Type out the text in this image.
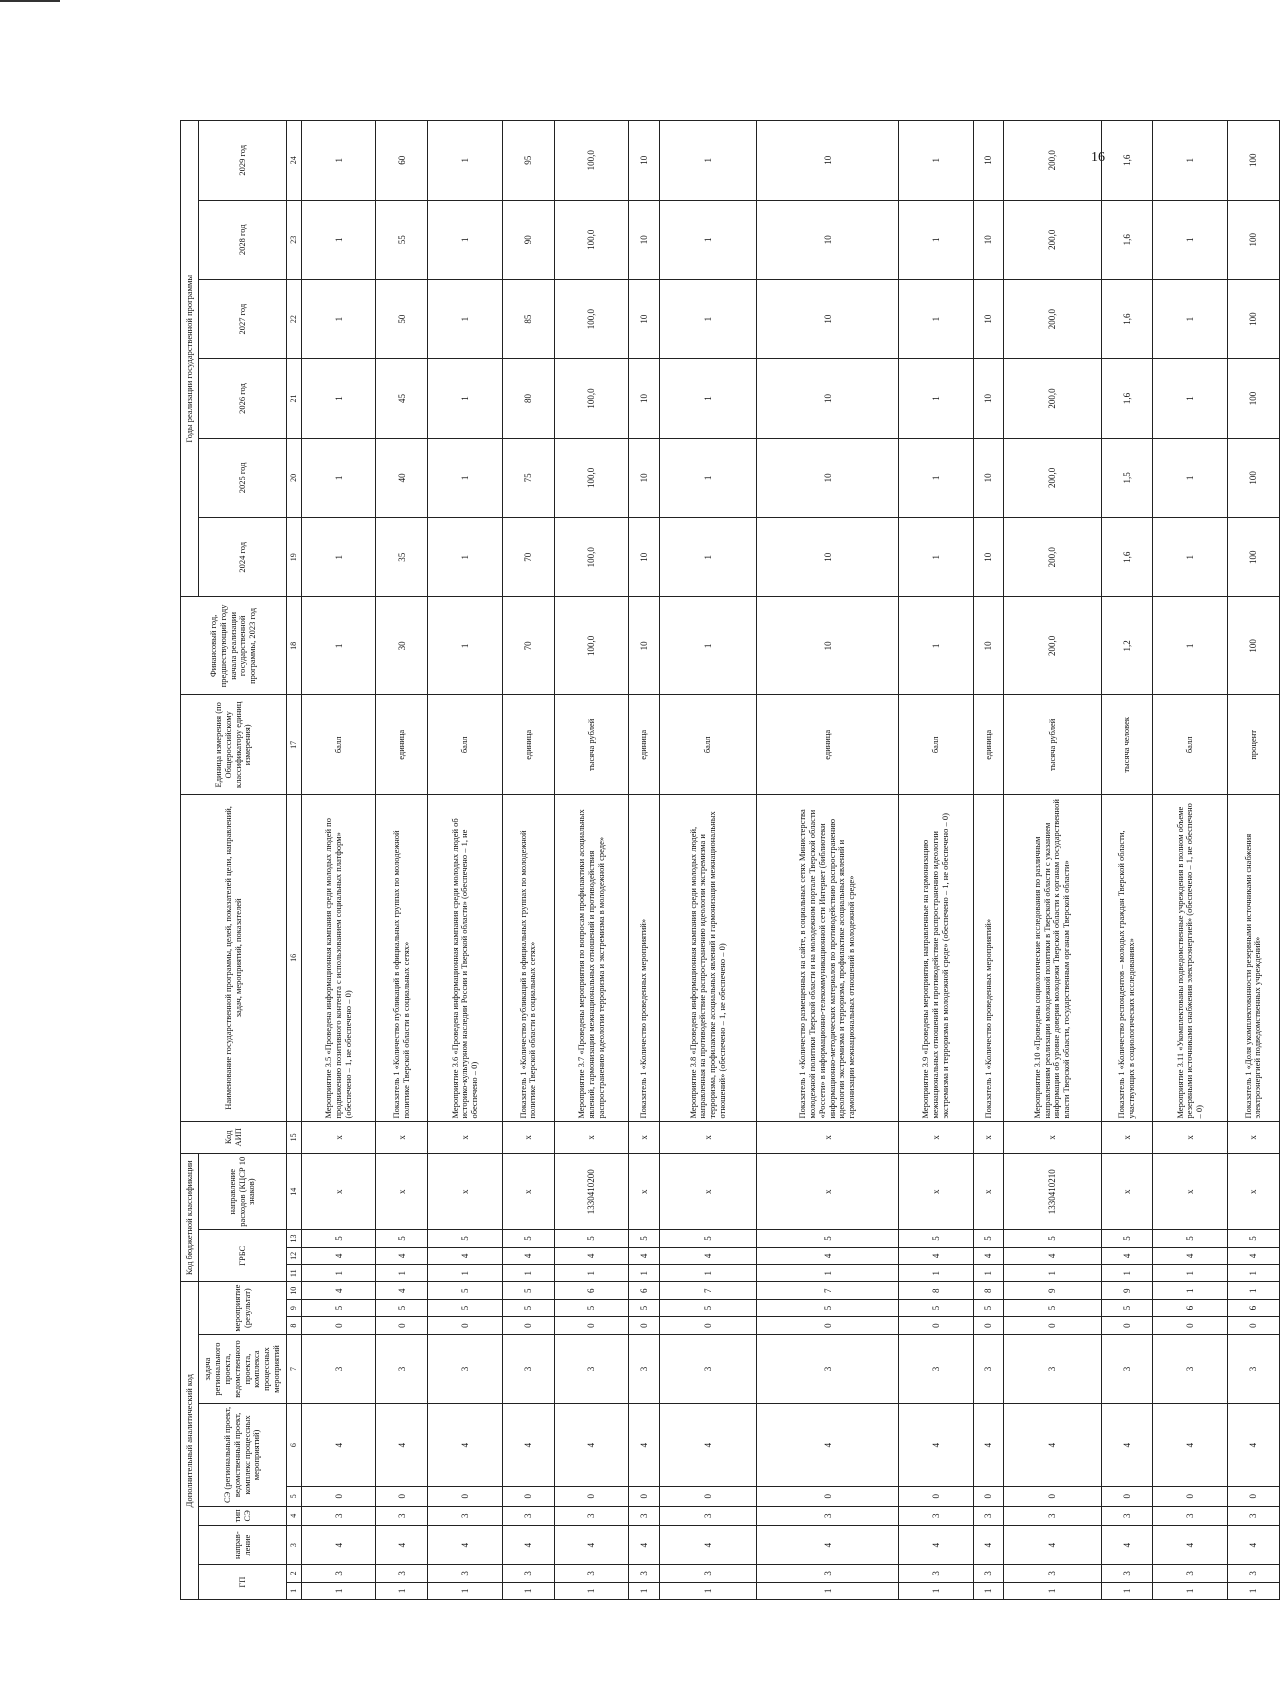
16
Дополнительный аналитический код										Код бюджетной классификации				Код АИП	Наименование государственной программы, целей, показателей цели, направлений, задач, мероприятий, показателей	Единица измерения (по Общероссийскому классификатору единиц измерения)	Финансовый год, предшествующий году начала реализации государственной программы, 2023 год	Годы реализации государственной программы					
ГП		направ-ление	тип СЭ	СЭ (региональный проект, ведомственный проект, комплекс процессных мероприятий)		задача регионального проекта, ведомственного проекта, комплекса процессных мероприятий	мероприятие (результат)			ГРБС			направление расходов (КЦСР 10 знаков)					2024 год	2025 год	2026 год	2027 год	2028 год	2029 год

1	2	3	4	5	6	7	8	9	10	11	12	13	14	15	16	17	18	19	20	21	22	23	24
1	3	4	3	0	4	3	0	5	4	1	4	5	x	x	Мероприятие 3.5 «Проведена информационная кампания среди молодых людей по продвижению позитивного контента с использованием социальных платформ» (обеспечено – 1, не обеспечено – 0)	балл	1	1	1	1	1	1	1
1	3	4	3	0	4	3	0	5	4	1	4	5	x	x	Показатель 1 «Количество публикаций в официальных группах по молодежной политике Тверской области в социальных сетях»	единица	30	35	40	45	50	55	60
1	3	4	3	0	4	3	0	5	5	1	4	5	x	x	Мероприятие 3.6 «Проведена информационная кампания среди молодых людей об историко-культурном наследии России и Тверской области» (обеспечено – 1, не обеспечено – 0)	балл	1	1	1	1	1	1	1
1	3	4	3	0	4	3	0	5	5	1	4	5	x	x	Показатель 1 «Количество публикаций в официальных группах по молодежной политике Тверской области в социальных сетях»	единица	70	70	75	80	85	90	95
1	3	4	3	0	4	3	0	5	6	1	4	5	1330410200	x	Мероприятие 3.7 «Проведены мероприятия по вопросам профилактики асоциальных явлений, гармонизации межнациональных отношений и противодействия распространению идеологии терроризма и экстремизма в молодежной среде»	тысяча рублей	100,0	100,0	100,0	100,0	100,0	100,0	100,0
1	3	4	3	0	4	3	0	5	6	1	4	5	x	x	Показатель 1 «Количество проведенных мероприятий»	единица	10	10	10	10	10	10	10
1	3	4	3	0	4	3	0	5	7	1	4	5	x	x	Мероприятие 3.8 «Проведена информационная кампания среди молодых людей, направленная на противодействие распространению идеологии экстремизма и терроризма, профилактике асоциальных явлений и гармонизации межнациональных отношений» (обеспечено – 1, не обеспечено – 0)	балл	1	1	1	1	1	1	1
1	3	4	3	0	4	3	0	5	7	1	4	5	x	x	Показатель 1 «Количество размещенных на сайте, в социальных сетях Министерства молодежной политики Тверской области и на молодежном портале Тверской области «Россети» в информационно-телекоммуникационной сети Интернет (библиотеки информационно-методических материалов по противодействию распространению идеологии экстремизма и терроризма, профилактике асоциальных явлений и гармонизации межнациональных отношений в молодежной среде»	единица	10	10	10	10	10	10	10
1	3	4	3	0	4	3	0	5	8	1	4	5	x	x	Мероприятие 3.9 «Проведены мероприятия, направленные на гармонизацию межнациональных отношений и противодействие распространению идеологии экстремизма и терроризма в молодежной среде» (обеспечено – 1, не обеспечено – 0)	балл	1	1	1	1	1	1	1
1	3	4	3	0	4	3	0	5	8	1	4	5	x	x	Показатель 1 «Количество проведенных мероприятий»	единица	10	10	10	10	10	10	10
1	3	4	3	0	4	3	0	5	9	1	4	5	1330410210	x	Мероприятие 3.10 «Проведены социологические исследования по различным направлениям реализации молодежной политики в Тверской области с указанием информации об уровне доверия молодежи Тверской области к органам государственной власти Тверской области, государственным органам Тверской области»	тысяча рублей	200,0	200,0	200,0	200,0	200,0	200,0	200,0
1	3	4	3	0	4	3	0	5	9	1	4	5	x	x	Показатель 1 «Количество респондентов – молодых граждан Тверской области, участвующих в социологических исследованиях»	тысяча человек	1,2	1,6	1,5	1,6	1,6	1,6	1,6
1	3	4	3	0	4	3	0	6	1	1	4	5	x	x	Мероприятие 3.11 «Укомплектованы подведомственные учреждения в полном объеме резервными источниками снабжения электроэнергией» (обеспечено – 1, не обеспечено – 0)	балл	1	1	1	1	1	1	1
1	3	4	3	0	4	3	0	6	1	1	4	5	x	x	Показатель 1 «Доля укомплектованности резервными источниками снабжения электроэнергией подведомственных учреждений»	процент	100	100	100	100	100	100	100
